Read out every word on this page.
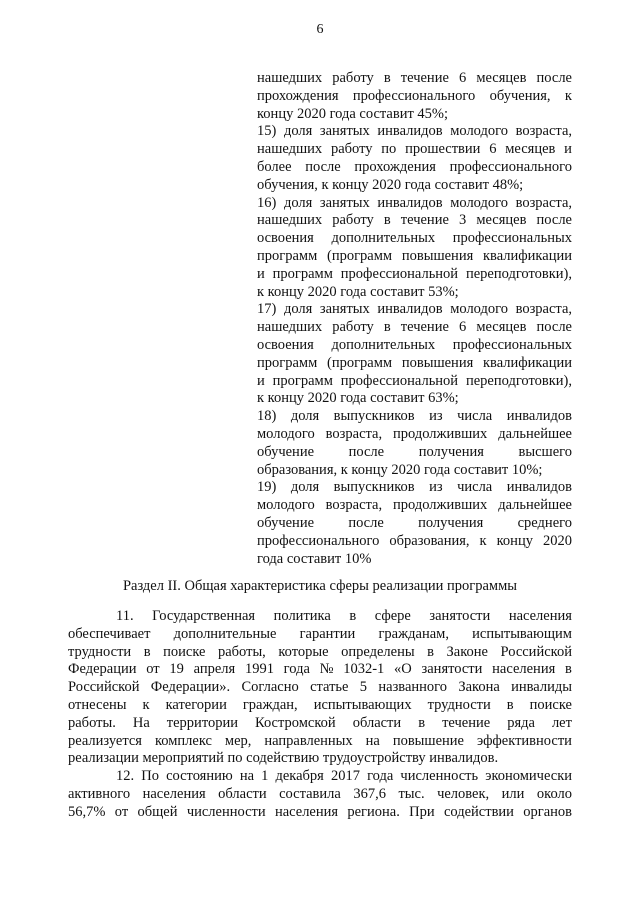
6
нашедших работу в течение 6 месяцев после
прохождения профессионального обучения, к
концу 2020 года составит 45%;
15) доля занятых инвалидов молодого возраста,
нашедших работу по прошествии 6 месяцев и
более после прохождения профессионального
обучения, к концу 2020 года составит 48%;
16) доля занятых инвалидов молодого возраста,
нашедших работу в течение 3 месяцев после
освоения дополнительных профессиональных
программ (программ повышения квалификации
и программ профессиональной переподготовки),
к концу 2020 года составит 53%;
17) доля занятых инвалидов молодого возраста,
нашедших работу в течение 6 месяцев после
освоения дополнительных профессиональных
программ (программ повышения квалификации
и программ профессиональной переподготовки),
к концу 2020 года составит 63%;
18) доля выпускников из числа инвалидов
молодого возраста, продолживших дальнейшее
обучение после получения высшего
образования, к концу 2020 года составит 10%;
19) доля выпускников из числа инвалидов
молодого возраста, продолживших дальнейшее
обучение после получения среднего
профессионального образования, к концу 2020
года составит 10%
Раздел II. Общая характеристика сферы реализации программы
11. Государственная политика в сфере занятости населения
обеспечивает дополнительные гарантии гражданам, испытывающим
трудности в поиске работы, которые определены в Законе Российской
Федерации от 19 апреля 1991 года № 1032-1 «О занятости населения в
Российской Федерации». Согласно статье 5 названного Закона инвалиды
отнесены к категории граждан, испытывающих трудности в поиске
работы. На территории Костромской области в течение ряда лет
реализуется комплекс мер, направленных на повышение эффективности
реализации мероприятий по содействию трудоустройству инвалидов.
12. По состоянию на 1 декабря 2017 года численность экономически
активного населения области составила 367,6 тыс. человек, или около
56,7% от общей численности населения региона. При содействии органов
